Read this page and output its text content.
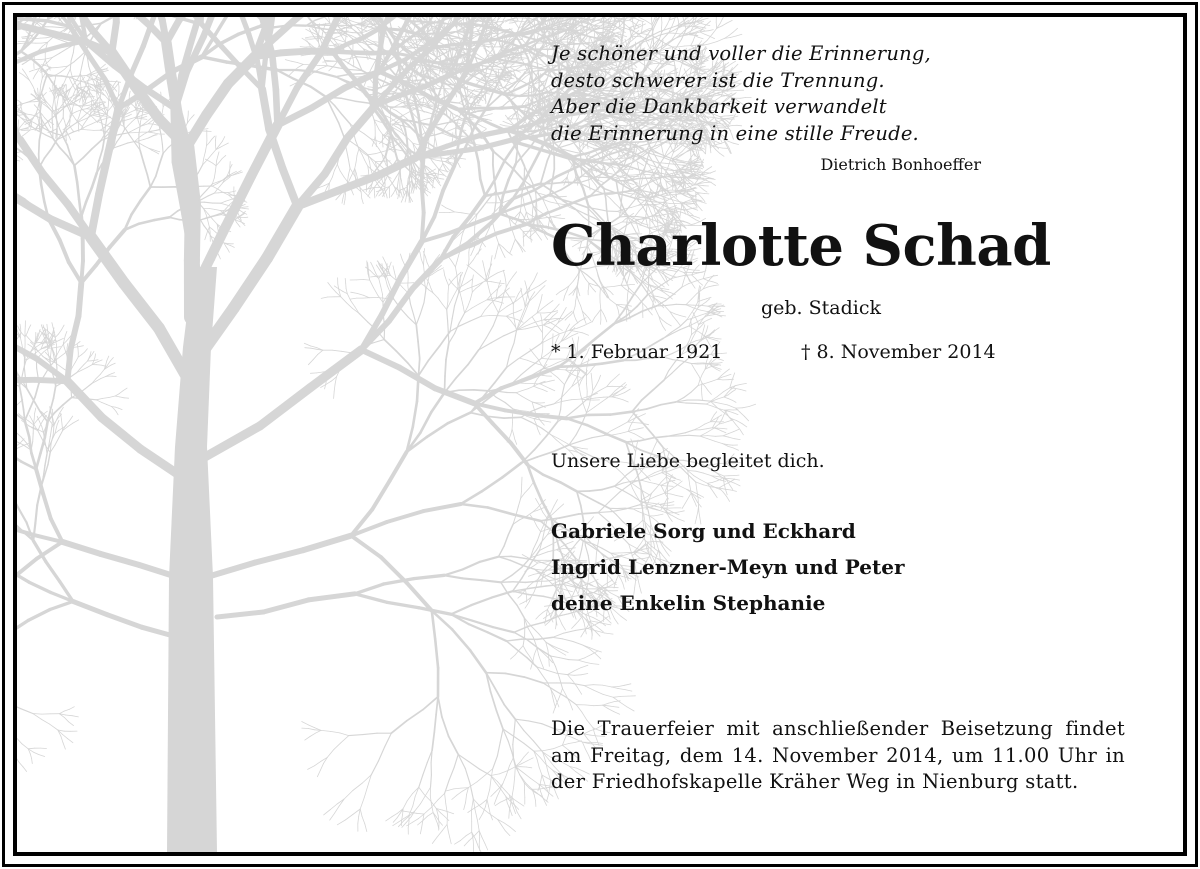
Je schöner und voller die Erinnerung,
desto schwerer ist die Trennung.
Aber die Dankbarkeit verwandelt
die Erinnerung in eine stille Freude.
Dietrich Bonhoeffer
Charlotte Schad
geb. Stadick
* 1. Februar 1921	† 8. November 2014
Unsere Liebe begleitet dich.
Gabriele Sorg und Eckhard
Ingrid Lenzner-Meyn und Peter
deine Enkelin Stephanie
Die Trauerfeier mit anschließender Beisetzung findet am Freitag, dem 14. November 2014, um 11.00 Uhr in der Friedhofskapelle Kräher Weg in Nienburg statt.
